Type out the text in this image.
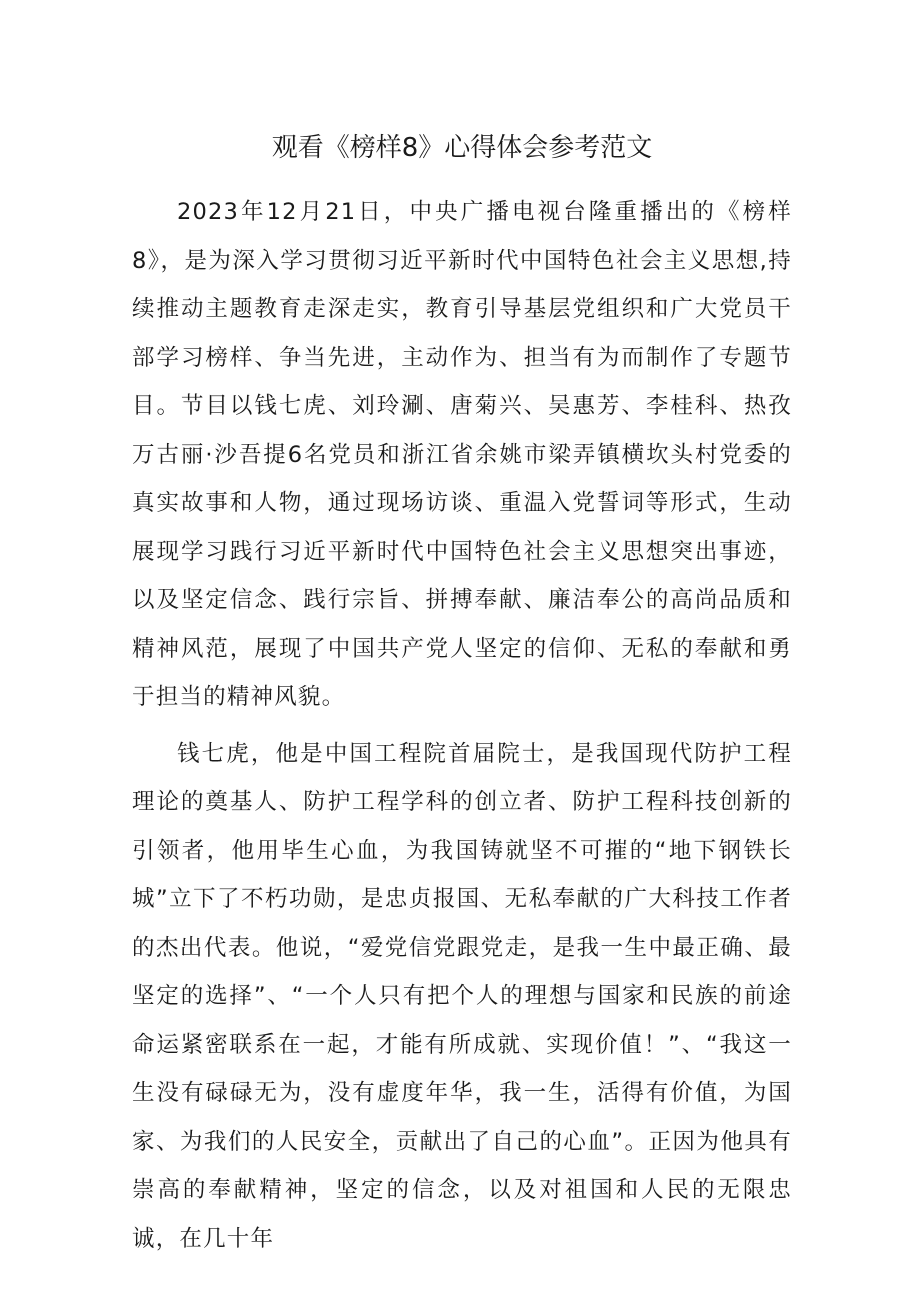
观看《榜样8》心得体会参考范文

2023年12月21日，中央广播电视台隆重播出的《榜样8》，是为深入学习贯彻习近平新时代中国特色社会主义思想,持续推动主题教育走深走实，教育引导基层党组织和广大党员干部学习榜样、争当先进，主动作为、担当有为而制作了专题节目。节目以钱七虎、刘玲涮、唐菊兴、吴惠芳、李桂科、热孜万古丽·沙吾提6名党员和浙江省余姚市梁弄镇横坎头村党委的真实故事和人物，通过现场访谈、重温入党誓词等形式，生动展现学习践行习近平新时代中国特色社会主义思想突出事迹，以及坚定信念、践行宗旨、拼搏奉献、廉洁奉公的高尚品质和精神风范，展现了中国共产党人坚定的信仰、无私的奉献和勇于担当的精神风貌。

钱七虎，他是中国工程院首届院士，是我国现代防护工程理论的奠基人、防护工程学科的创立者、防护工程科技创新的引领者，他用毕生心血，为我国铸就坚不可摧的“地下钢铁长城”立下了不朽功勋，是忠贞报国、无私奉献的广大科技工作者的杰出代表。他说，“爱党信党跟党走，是我一生中最正确、最坚定的选择”、“一个人只有把个人的理想与国家和民族的前途命运紧密联系在一起，才能有所成就、实现价值！”、“我这一生没有碌碌无为，没有虚度年华，我一生，活得有价值，为国家、为我们的人民安全，贡献出了自己的心血”。正因为他具有崇高的奉献精神，坚定的信念，以及对祖国和人民的无限忠诚，在几十年
